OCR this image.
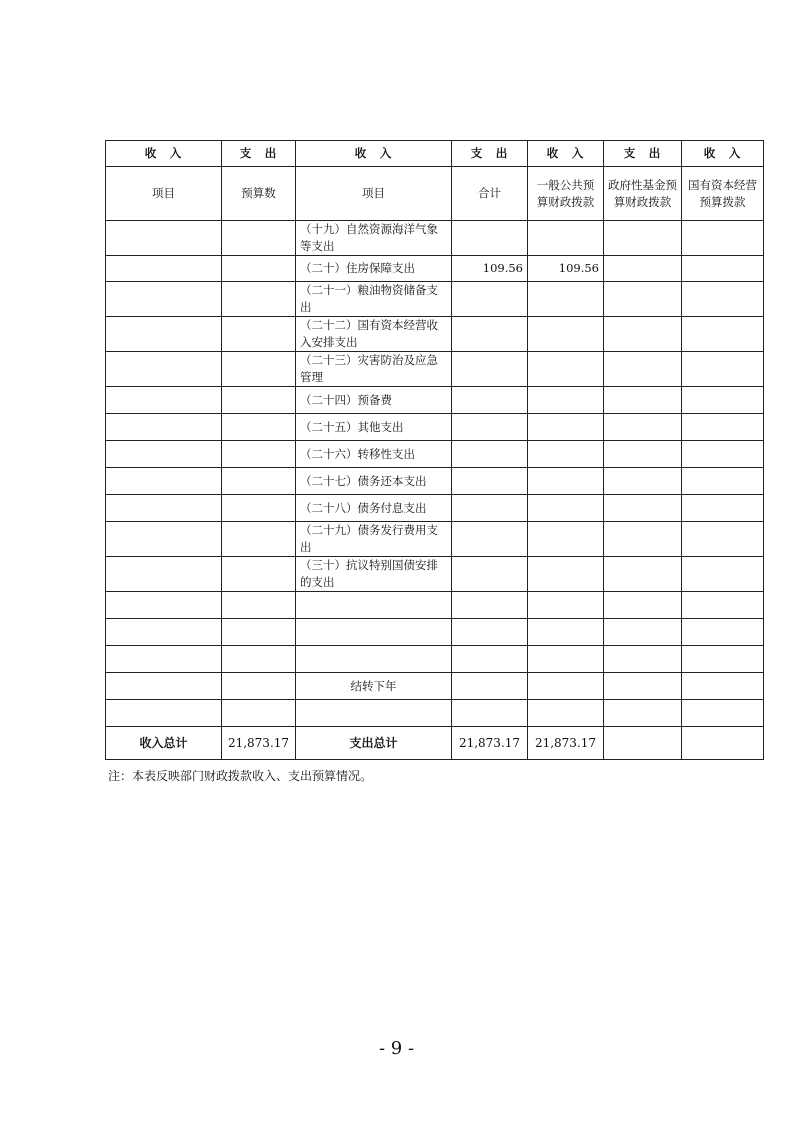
收　入	支　出	收　入	支　出	收　入	支　出	收　入
项目	预算数	项目	合计	一般公共预算财政拨款	政府性基金预算财政拨款	国有资本经营预算拨款
		（十九）自然资源海洋气象等支出				
		（二十）住房保障支出	109.56	109.56		
		（二十一）粮油物资储备支出				
		（二十二）国有资本经营收入安排支出				
		（二十三）灾害防治及应急管理				
		（二十四）预备费				
		（二十五）其他支出				
		（二十六）转移性支出				
		（二十七）债务还本支出				
		（二十八）债务付息支出				
		（二十九）债务发行费用支出				
		（三十）抗议特别国债安排的支出				

		结转下年				

收入总计	21,873.17	支出总计	21,873.17	21,873.17		
注：本表反映部门财政拨款收入、支出预算情况。
- 9 -
